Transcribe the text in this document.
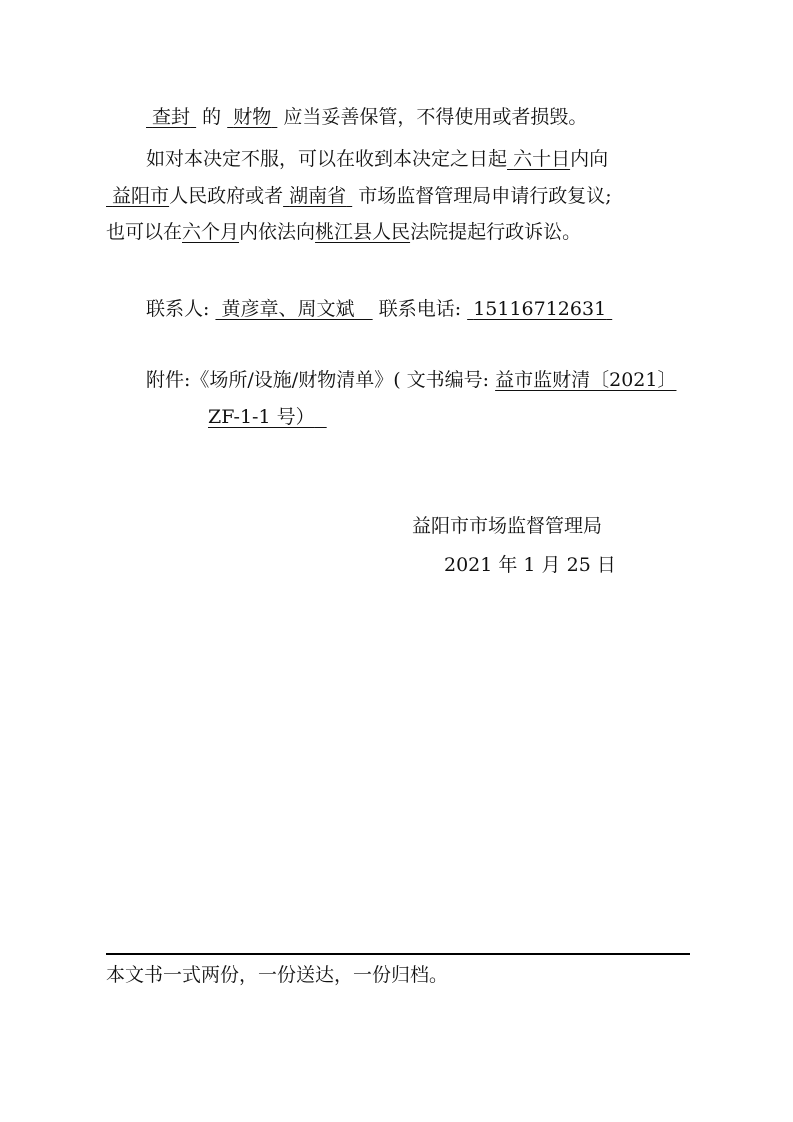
查封 的 财物 应当妥善保管，不得使用或者损毁。
如对本决定不服，可以在收到本决定之日起 六十日内向
益阳市人民政府或者 湖南省 市场监督管理局申请行政复议;
也可以在六个月内依法向桃江县人民法院提起行政诉讼。
联系人: 黄彦章、周文斌 联系电话: 15116712631
附件:《场所/设施/财物清单》( 文书编号: 益市监财清〔2021〕
ZF-1-1 号）
益阳市市场监督管理局
2021 年 1 月 25 日
本文书一式两份，一份送达，一份归档。
